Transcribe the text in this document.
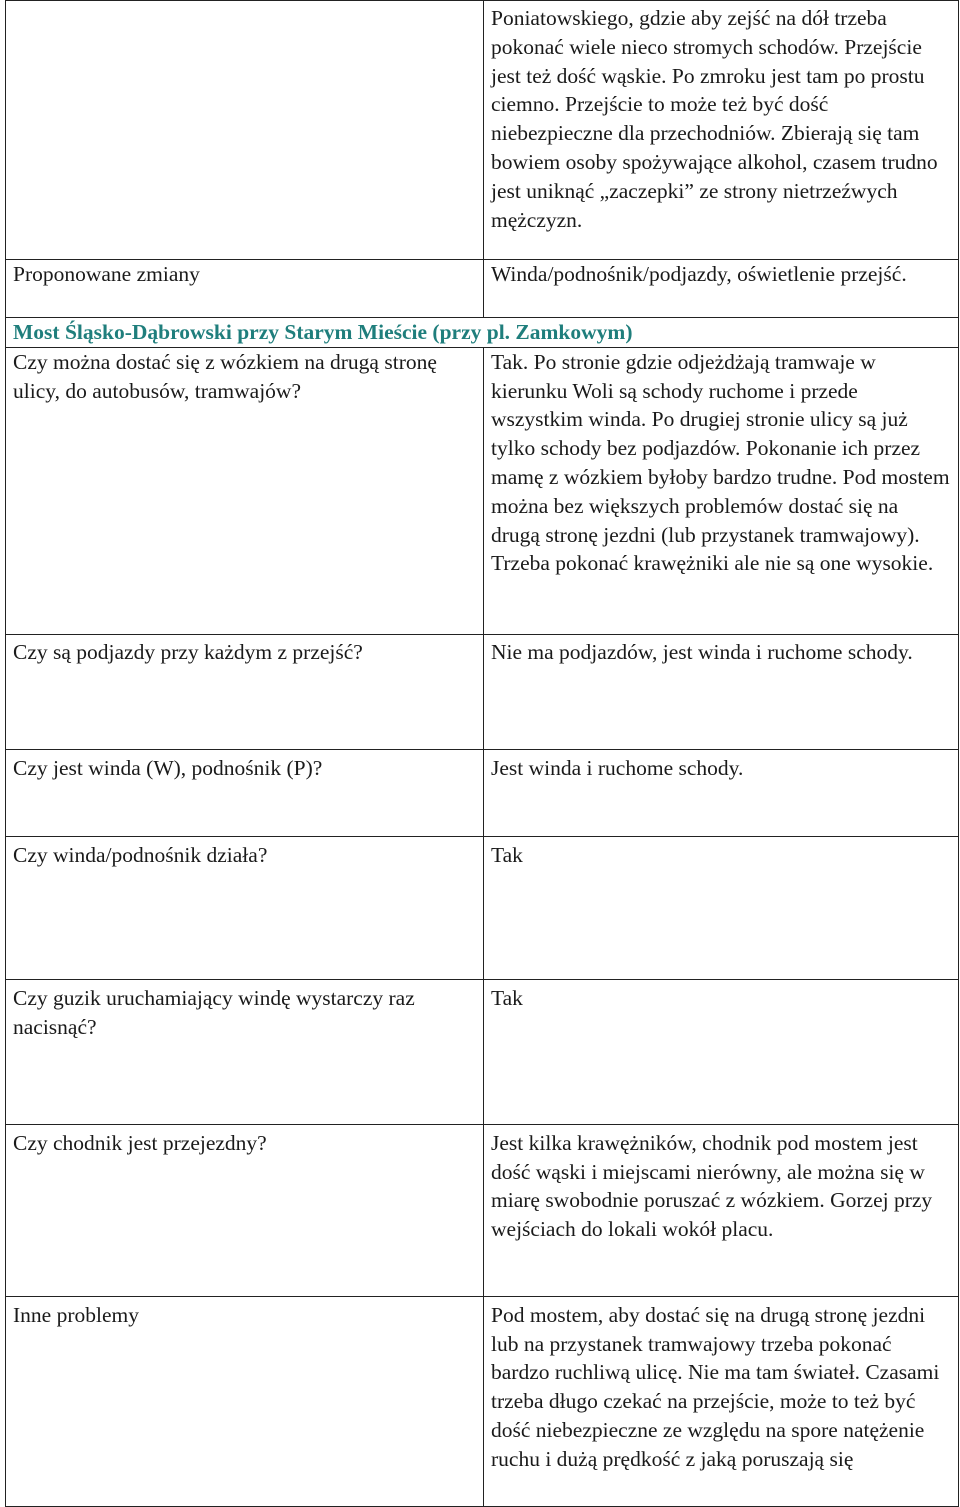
	Poniatowskiego, gdzie aby zejść na dół trzeba pokonać wiele nieco stromych schodów. Przejście jest też dość wąskie. Po zmroku jest tam po prostu ciemno. Przejście to może też być dość niebezpieczne dla przechodniów. Zbierają się tam bowiem osoby spożywające alkohol, czasem trudno jest uniknąć „zaczepki” ze strony nietrzeźwych mężczyzn.

Proponowane zmiany	Winda/podnośnik/podjazdy, oświetlenie przejść.

Most Śląsko-Dąbrowski przy Starym Mieście (przy pl. Zamkowym)	

Czy można dostać się z wózkiem na drugą stronę ulicy, do autobusów, tramwajów?	Tak. Po stronie gdzie odjeżdżają tramwaje w kierunku Woli są schody ruchome i przede wszystkim winda. Po drugiej stronie ulicy są już tylko schody bez podjazdów. Pokonanie ich przez mamę z wózkiem byłoby bardzo trudne. Pod mostem można bez większych problemów dostać się na drugą stronę jezdni (lub przystanek tramwajowy). Trzeba pokonać krawężniki ale nie są one wysokie.

Czy są podjazdy przy każdym z przejść?	Nie ma podjazdów, jest winda i ruchome schody.

Czy jest winda (W), podnośnik (P)?	Jest winda i ruchome schody.

Czy winda/podnośnik działa?	Tak

Czy guzik uruchamiający windę wystarczy raz nacisnąć?	Tak

Czy chodnik jest przejezdny?	Jest kilka krawężników, chodnik pod mostem jest dość wąski i miejscami nierówny, ale można się w miarę swobodnie poruszać z wózkiem. Gorzej przy wejściach do lokali wokół placu.

Inne problemy	Pod mostem, aby dostać się na drugą stronę jezdni lub na przystanek tramwajowy trzeba pokonać bardzo ruchliwą ulicę. Nie ma tam świateł. Czasami trzeba długo czekać na przejście, może to też być dość niebezpieczne ze względu na spore natężenie ruchu i dużą prędkość z jaką poruszają się
